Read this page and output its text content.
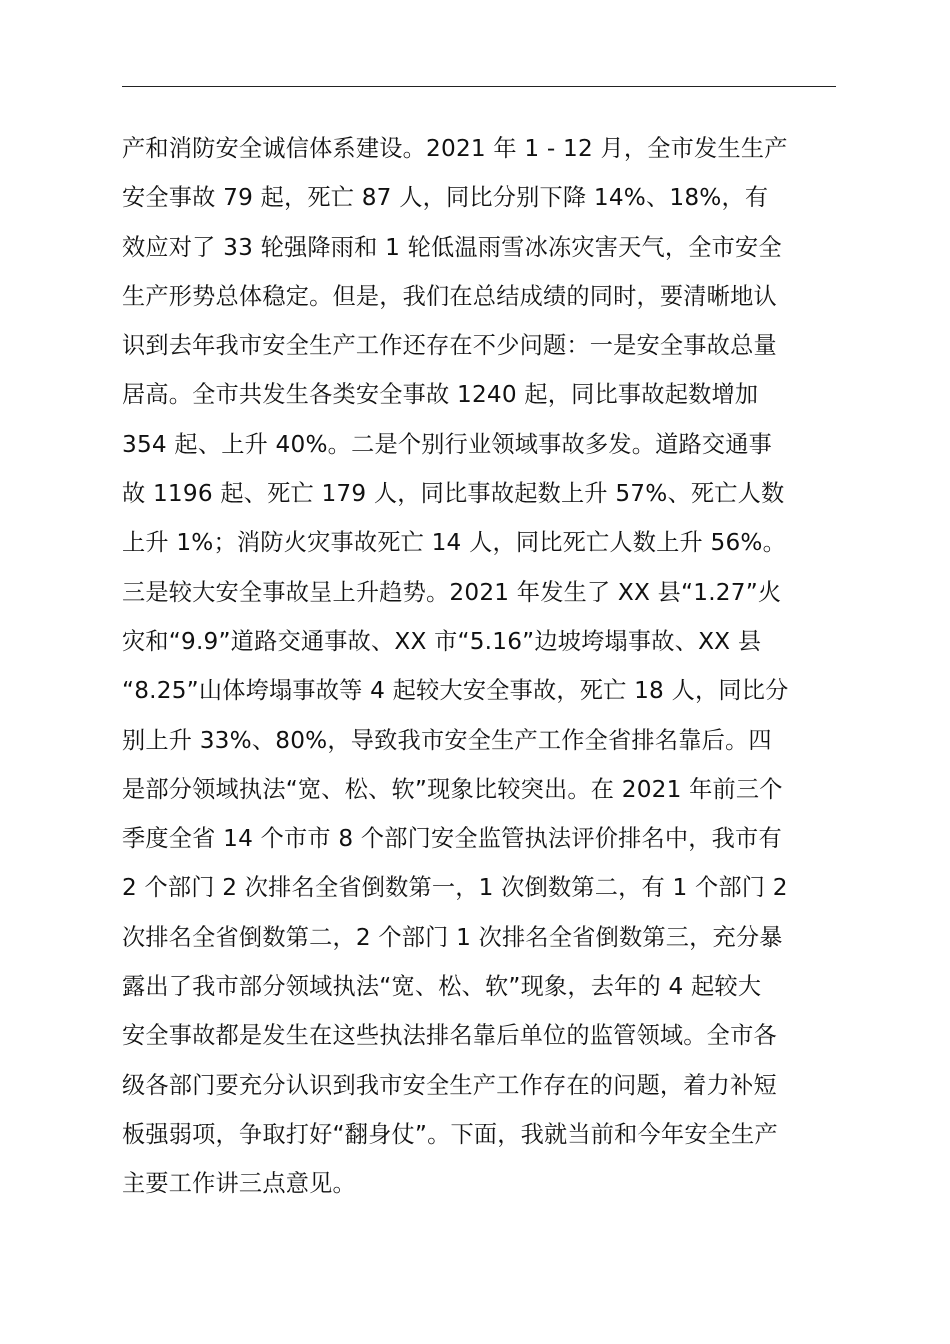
产和消防安全诚信体系建设。2021 年 1 - 12 月，全市发生生产
安全事故 79 起，死亡 87 人，同比分别下降 14%、18%，有
效应对了 33 轮强降雨和 1 轮低温雨雪冰冻灾害天气，全市安全
生产形势总体稳定。但是，我们在总结成绩的同时，要清晰地认
识到去年我市安全生产工作还存在不少问题：一是安全事故总量
居高。全市共发生各类安全事故 1240 起，同比事故起数增加
354 起、上升 40%。二是个别行业领域事故多发。道路交通事
故 1196 起、死亡 179 人，同比事故起数上升 57%、死亡人数
上升 1%；消防火灾事故死亡 14 人，同比死亡人数上升 56%。
三是较大安全事故呈上升趋势。2021 年发生了 XX 县“1.27”火
灾和“9.9”道路交通事故、XX 市“5.16”边坡垮塌事故、XX 县
“8.25”山体垮塌事故等 4 起较大安全事故，死亡 18 人，同比分
别上升 33%、80%，导致我市安全生产工作全省排名靠后。四
是部分领域执法“宽、松、软”现象比较突出。在 2021 年前三个
季度全省 14 个市市 8 个部门安全监管执法评价排名中，我市有
2 个部门 2 次排名全省倒数第一，1 次倒数第二，有 1 个部门 2
次排名全省倒数第二，2 个部门 1 次排名全省倒数第三，充分暴
露出了我市部分领域执法“宽、松、软”现象，去年的 4 起较大
安全事故都是发生在这些执法排名靠后单位的监管领域。全市各
级各部门要充分认识到我市安全生产工作存在的问题，着力补短
板强弱项，争取打好“翻身仗”。下面，我就当前和今年安全生产
主要工作讲三点意见。
